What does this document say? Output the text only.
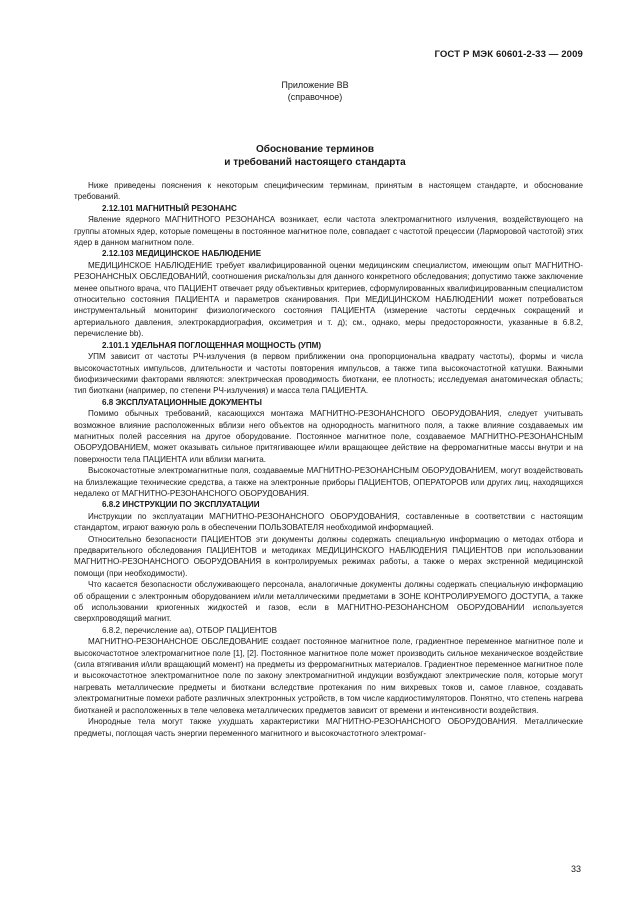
ГОСТ Р МЭК 60601-2-33 — 2009
Приложение ВВ
(справочное)
Обоснование терминов
и требований настоящего стандарта

Ниже приведены пояснения к некоторым специфическим терминам, принятым в настоящем стандарте, и обоснование требований.

2.12.101 МАГНИТНЫЙ РЕЗОНАНС

Явление ядерного МАГНИТНОГО РЕЗОНАНСА возникает, если частота электромагнитного излучения, воздействующего на группы атомных ядер, которые помещены в постоянное магнитное поле, совпадает с частотой прецессии (Ларморовой частотой) этих ядер в данном магнитном поле.

2.12.103 МЕДИЦИНСКОЕ НАБЛЮДЕНИЕ

МЕДИЦИНСКОЕ НАБЛЮДЕНИЕ требует квалифицированной оценки медицинским специалистом, имеющим опыт МАГНИТНО-РЕЗОНАНСНЫХ ОБСЛЕДОВАНИЙ, соотношения риска/пользы для данного конкретного обследования; допустимо также заключение менее опытного врача, что ПАЦИЕНТ отвечает ряду объективных критериев, сформулированных квалифицированным специалистом относительно состояния ПАЦИЕНТА и параметров сканирования. При МЕДИЦИНСКОМ НАБЛЮДЕНИИ может потребоваться инструментальный мониторинг физиологического состояния ПАЦИЕНТА (измерение частоты сердечных сокращений и артериального давления, электрокардиография, оксиметрия и т. д); см., однако, меры предосторожности, указанные в 6.8.2, перечисление bb).

2.101.1 УДЕЛЬНАЯ ПОГЛОЩЕННАЯ МОЩНОСТЬ (УПМ)

УПМ зависит от частоты РЧ-излучения (в первом приближении она пропорциональна квадрату частоты), формы и числа высокочастотных импульсов, длительности и частоты повторения импульсов, а также типа высокочастотной катушки. Важными биофизическими факторами являются: электрическая проводимость биоткани, ее плотность; исследуемая анатомическая область; тип биоткани (например, по степени РЧ-излучения) и масса тела ПАЦИЕНТА.

6.8 ЭКСПЛУАТАЦИОННЫЕ ДОКУМЕНТЫ

Помимо обычных требований, касающихся монтажа МАГНИТНО-РЕЗОНАНСНОГО ОБОРУДОВАНИЯ, следует учитывать возможное влияние расположенных вблизи него объектов на однородность магнитного поля, а также влияние создаваемых им магнитных полей рассеяния на другое оборудование. Постоянное магнитное поле, создаваемое МАГНИТНО-РЕЗОНАНСНЫМ ОБОРУДОВАНИЕМ, может оказывать сильное притягивающее и/или вращающее действие на ферромагнитные массы внутри и на поверхности тела ПАЦИЕНТА или вблизи магнита.

Высокочастотные электромагнитные поля, создаваемые МАГНИТНО-РЕЗОНАНСНЫМ ОБОРУДОВАНИЕМ, могут воздействовать на близлежащие технические средства, а также на электронные приборы ПАЦИЕНТОВ, ОПЕРАТОРОВ или других лиц, находящихся недалеко от МАГНИТНО-РЕЗОНАНСНОГО ОБОРУДОВАНИЯ.

6.8.2 ИНСТРУКЦИИ ПО ЭКСПЛУАТАЦИИ

Инструкции по эксплуатации МАГНИТНО-РЕЗОНАНСНОГО ОБОРУДОВАНИЯ, составленные в соответствии с настоящим стандартом, играют важную роль в обеспечении ПОЛЬЗОВАТЕЛЯ необходимой информацией.

Относительно безопасности ПАЦИЕНТОВ эти документы должны содержать специальную информацию о методах отбора и предварительного обследования ПАЦИЕНТОВ и методиках МЕДИЦИНСКОГО НАБЛЮДЕНИЯ ПАЦИЕНТОВ при использовании МАГНИТНО-РЕЗОНАНСНОГО ОБОРУДОВАНИЯ в контролируемых режимах работы, а также о мерах экстренной медицинской помощи (при необходимости).

Что касается безопасности обслуживающего персонала, аналогичные документы должны содержать специальную информацию об обращении с электронным оборудованием и/или металлическими предметами в ЗОНЕ КОНТРОЛИРУЕМОГО ДОСТУПА, а также об использовании криогенных жидкостей и газов, если в МАГНИТНО-РЕЗОНАНСНОМ ОБОРУДОВАНИИ используется сверхпроводящий магнит.

6.8.2, перечисление аа), ОТБОР ПАЦИЕНТОВ

МАГНИТНО-РЕЗОНАНСНОЕ ОБСЛЕДОВАНИЕ создает постоянное магнитное поле, градиентное переменное магнитное поле и высокочастотное электромагнитное поле [1], [2]. Постоянное магнитное поле может производить сильное механическое воздействие (сила втягивания и/или вращающий момент) на предметы из ферромагнитных материалов. Градиентное переменное магнитное поле и высокочастотное электромагнитное поле по закону электромагнитной индукции возбуждают электрические поля, которые могут нагревать металлические предметы и биоткани вследствие протекания по ним вихревых токов и, самое главное, создавать электромагнитные помехи работе различных электронных устройств, в том числе кардиостимуляторов. Понятно, что степень нагрева биотканей и расположенных в теле человека металлических предметов зависит от времени и интенсивности воздействия.

Инородные тела могут также ухудшать характеристики МАГНИТНО-РЕЗОНАНСНОГО ОБОРУДОВАНИЯ. Металлические предметы, поглощая часть энергии переменного магнитного и высокочастотного электромаг-

33
